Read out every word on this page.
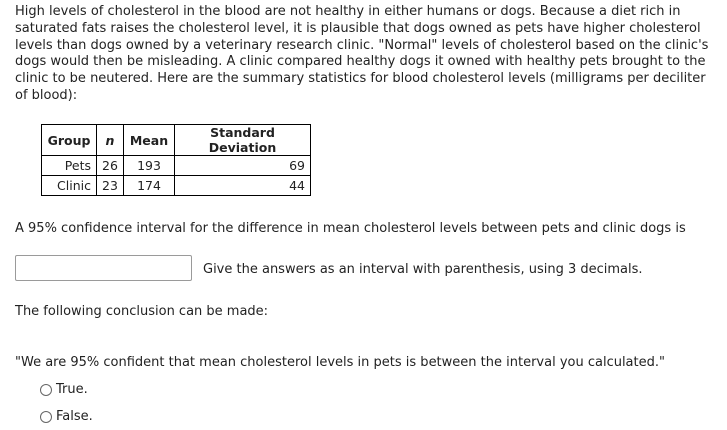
High levels of cholesterol in the blood are not healthy in either humans or dogs. Because a diet rich in saturated fats raises the cholesterol level, it is plausible that dogs owned as pets have higher cholesterol levels than dogs owned by a veterinary research clinic. "Normal" levels of cholesterol based on the clinic's dogs would then be misleading. A clinic compared healthy dogs it owned with healthy pets brought to the clinic to be neutered. Here are the summary statistics for blood cholesterol levels (milligrams per deciliter of blood):

Group	n	Mean	Standard Deviation
Pets	26	193	69
Clinic	23	174	44

A 95% confidence interval for the difference in mean cholesterol levels between pets and clinic dogs is

Give the answers as an interval with parenthesis, using 3 decimals.

The following conclusion can be made:

"We are 95% confident that mean cholesterol levels in pets is between the interval you calculated."

True.
False.
